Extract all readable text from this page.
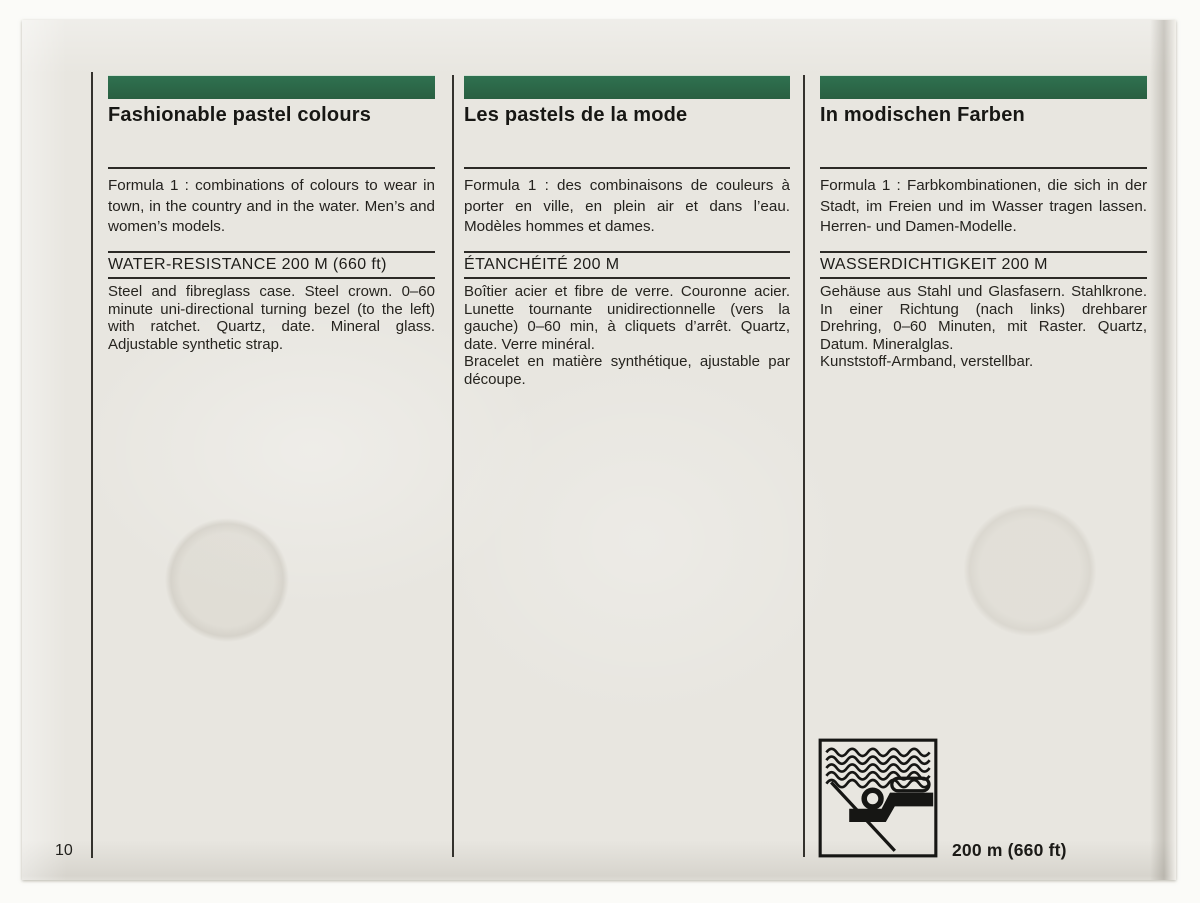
Fashionable pastel colours

Formula 1 : combinations of colours to wear in town, in the country and in the water. Men’s and women’s models.

WATER-RESISTANCE 200 M (660 ft)

Steel and fibreglass case. Steel crown. 0–60 minute uni-directional turning bezel (to the left) with ratchet. Quartz, date. Mineral glass. Adjustable synthetic strap.

Les pastels de la mode

Formula 1 : des combinaisons de couleurs à porter en ville, en plein air et dans l’eau. Modèles hommes et dames.

ÉTANCHÉITÉ 200 M

Boîtier acier et fibre de verre. Couronne acier. Lunette tournante unidirectionnelle (vers la gauche) 0–60 min, à cliquets d’arrêt. Quartz, date. Verre minéral.

Bracelet en matière synthétique, ajustable par découpe.

In modischen Farben

Formula 1 : Farbkombinationen, die sich in der Stadt, im Freien und im Wasser tragen lassen. Herren- und Damen-Modelle.

WASSERDICHTIGKEIT 200 M

Gehäuse aus Stahl und Glasfasern. Stahlkrone. In einer Richtung (nach links) drehbarer Drehring, 0–60 Minuten, mit Raster. Quartz, Datum. Mineralglas.

Kunststoff-Armband, verstellbar.

10	200 m (660 ft)
